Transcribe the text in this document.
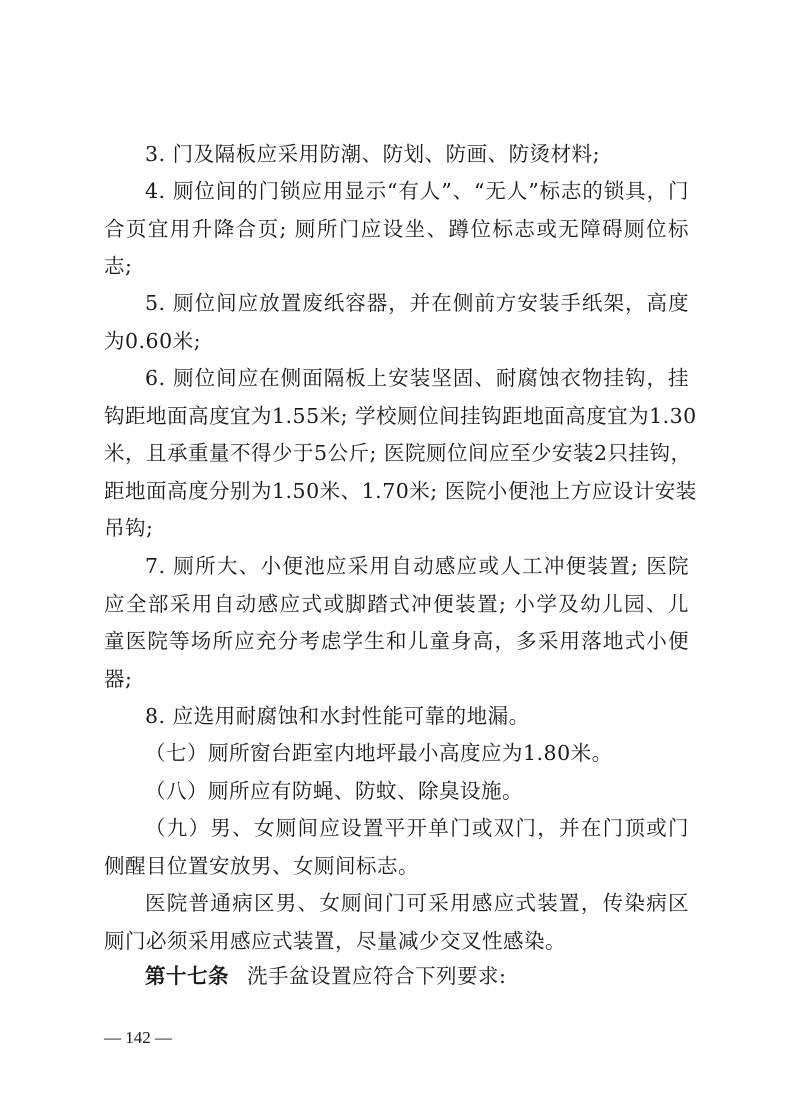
3. 门及隔板应采用防潮、防划、防画、防烫材料;
4. 厕位间的门锁应用显示“有人”、“无人”标志的锁具，门
合页宜用升降合页; 厕所门应设坐、蹲位标志或无障碍厕位标
志;
5. 厕位间应放置废纸容器，并在侧前方安装手纸架，高度
为0.60米;
6. 厕位间应在侧面隔板上安装坚固、耐腐蚀衣物挂钩，挂
钩距地面高度宜为1.55米; 学校厕位间挂钩距地面高度宜为1.30
米，且承重量不得少于5公斤; 医院厕位间应至少安装2只挂钩，
距地面高度分别为1.50米、1.70米; 医院小便池上方应设计安装
吊钩;
7. 厕所大、小便池应采用自动感应或人工冲便装置; 医院
应全部采用自动感应式或脚踏式冲便装置; 小学及幼儿园、儿
童医院等场所应充分考虑学生和儿童身高，多采用落地式小便
器;
8. 应选用耐腐蚀和水封性能可靠的地漏。
（七）厕所窗台距室内地坪最小高度应为1.80米。
（八）厕所应有防蝇、防蚊、除臭设施。
（九）男、女厕间应设置平开单门或双门，并在门顶或门
侧醒目位置安放男、女厕间标志。
医院普通病区男、女厕间门可采用感应式装置，传染病区
厕门必须采用感应式装置，尽量减少交叉性感染。
第十七条 洗手盆设置应符合下列要求:
— 142 —
